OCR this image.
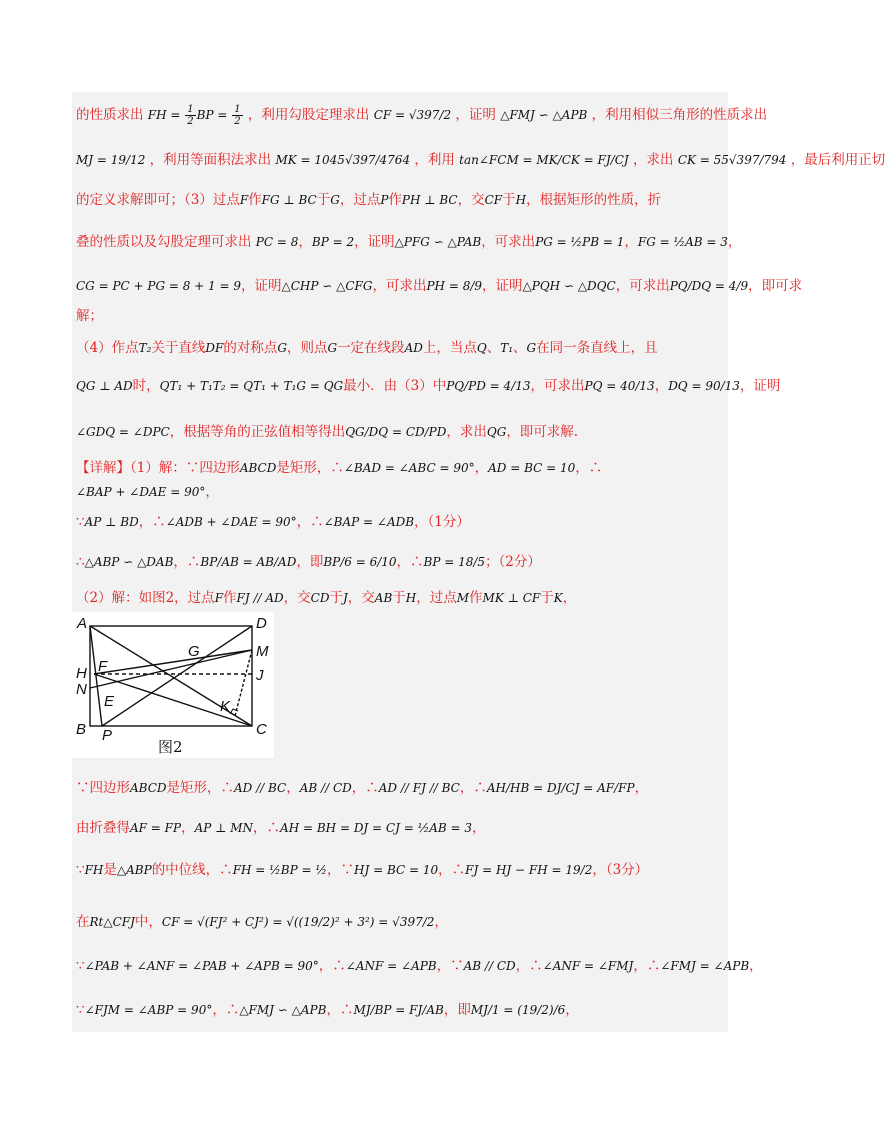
的性质求出 FH = $\frac{1}{2}$ BP = $\frac{1}{2}$ ，利用勾股定理求出 CF = √397/2 ，证明 △FMJ ∽ △APB ，利用相似三角形的性质求出
MJ = 19/12 ，利用等面积法求出 MK = 1045√397/4764 ，利用 tan∠FCM = MK/CK = FJ/CJ ，求出 CK = 55√397/794 ，最后利用正切
的定义求解即可；（3）过点F作FG ⊥ BC于G，过点P作PH ⊥ BC，交CF于H，根据矩形的性质，折
叠的性质以及勾股定理可求出 PC = 8，BP = 2，证明△PFG ∽ △PAB，可求出PG = ½PB = 1，FG = ½AB = 3，
CG = PC + PG = 8 + 1 = 9，证明△CHP ∽ △CFG，可求出PH = 8/9，证明△PQH ∽ △DQC，可求出PQ/DQ = 4/9，即可求
解；
（4）作点T₂关于直线DF的对称点G，则点G一定在线段AD上，当点Q、T₁、G在同一条直线上，且
QG ⊥ AD时，QT₁ + T₁T₂ = QT₁ + T₁G = QG最小．由（3）中PQ/PD = 4/13，可求出PQ = 40/13，DQ = 90/13，证明
∠GDQ = ∠DPC，根据等角的正弦值相等得出QG/DQ = CD/PD，求出QG，即可求解.
【详解】（1）解：∵四边形ABCD是矩形，∴∠BAD = ∠ABC = 90°，AD = BC = 10，∴
∠BAP + ∠DAE = 90°，
∵AP ⊥ BD，∴∠ADB + ∠DAE = 90°，∴∠BAP = ∠ADB，（1分）
∴△ABP ∽ △DAB，∴BP/AB = AB/AD，即BP/6 = 6/10，∴BP = 18/5；（2分）
（2）解：如图2，过点F作FJ // AD，交CD于J，交AB于H，过点M作MK ⊥ CF于K，
A	D
G	M
H F
J
N
E	K
B P	C
图2
∵四边形ABCD是矩形，∴AD // BC，AB // CD，∴AD // FJ // BC，∴AH/HB = DJ/CJ = AF/FP，
由折叠得AF = FP，AP ⊥ MN，∴AH = BH = DJ = CJ = ½AB = 3，
∵FH是△ABP的中位线，∴FH = ½BP = ½，∵HJ = BC = 10，∴FJ = HJ − FH = 19/2，（3分）
在Rt△CFJ中，CF = √(FJ² + CJ²) = √((19/2)² + 3²) = √397/2，
∵∠PAB + ∠ANF = ∠PAB + ∠APB = 90°，∴∠ANF = ∠APB，∵AB // CD，∴∠ANF = ∠FMJ，∴∠FMJ = ∠APB，
∵∠FJM = ∠ABP = 90°，∴△FMJ ∽ △APB，∴MJ/BP = FJ/AB，即MJ/1 = (19/2)/6，
